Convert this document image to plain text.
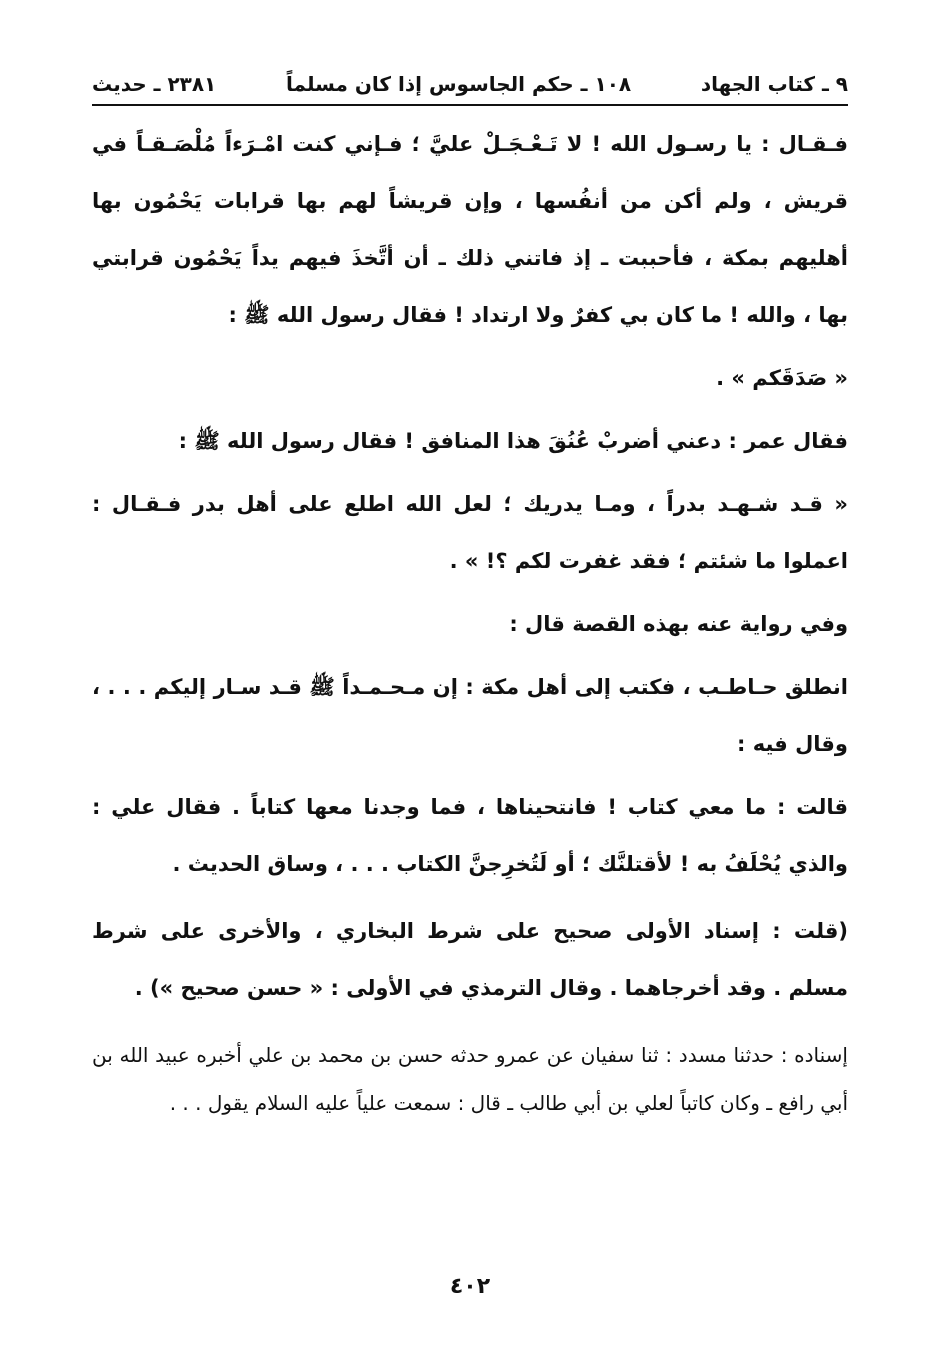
٩ ـ كتاب الجهاد
١٠٨ ـ حكم الجاسوس إذا كان مسلماً
٢٣٨١ ـ حديث

فـقـال : يا رسـول الله ! لا تَـعْـجَـلْ عليَّ ؛ فـإني كنت امْـرَءاً مُلْصَـقـاً في قريش ، ولم أكن من أنفُسها ، وإن قريشاً لهم بها قرابات يَحْمُون بها أهليهم بمكة ، فأحببت ـ إذ فاتني ذلك ـ أن أتَّخذَ فيهم يداً يَحْمُون قرابتي بها ، والله ! ما كان بي كفرٌ ولا ارتداد ! فقال رسول الله ﷺ :

« صَدَقَكم » .

فقال عمر : دعني أضربْ عُنُقَ هذا المنافق ! فقال رسول الله ﷺ :

« قـد شـهـد بدراً ، ومـا يدريك ؛ لعل الله اطلع على أهل بدر فـقـال : اعملوا ما شئتم ؛ فقد غفرت لكم ؟! » .

وفي رواية عنه بهذه القصة قال :

انطلق حـاطـب ، فكتب إلى أهل مكة : إن مـحـمـداً ﷺ قـد سـار إليكم . . . ، وقال فيه :

قالت : ما معي كتاب ! فانتحيناها ، فما وجدنا معها كتاباً . فقال علي : والذي يُحْلَفُ به ! لأقتلنَّك ؛ أو لَتُخرِجنَّ الكتاب . . . ، وساق الحديث .

(قلت : إسناد الأولى صحيح على شرط البخاري ، والأخرى على شرط مسلم . وقد أخرجاهما . وقال الترمذي في الأولى : « حسن صحيح ») .

إسناده : حدثنا مسدد : ثنا سفيان عن عمرو حدثه حسن بن محمد بن علي أخبره عبيد الله بن أبي رافع ـ وكان كاتباً لعلي بن أبي طالب ـ قال : سمعت علياً عليه السلام يقول . . .

٤٠٢
